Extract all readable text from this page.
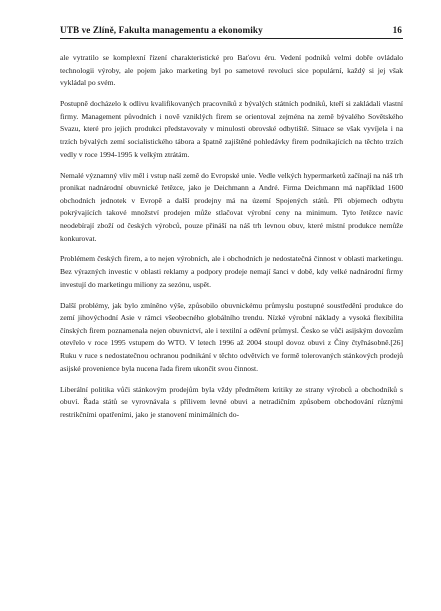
UTB ve Zlíně, Fakulta managementu a ekonomiky	16

ale vytratilo se komplexní řízení charakteristické pro Baťovu éru. Vedení podniků velmi dobře ovládalo technologii výroby, ale pojem jako marketing byl po sametové revoluci sice populární, každý si jej však vykládal po svém.

Postupně docházelo k odlivu kvalifikovaných pracovníků z bývalých státních podniků, kteří si zakládali vlastní firmy. Management původních i nově vzniklých firem se orientoval zejména na země bývalého Sovětského Svazu, které pro jejich produkci představovaly v minulosti obrovské odbytiště. Situace se však vyvíjela i na trzích bývalých zemí socialistického tábora a špatně zajištěné pohledávky firem podnikajících na těchto trzích vedly v roce 1994-1995 k velkým ztrátám.

Nemalé významný vliv měl i vstup naší země do Evropské unie. Vedle velkých hypermarketů začínají na náš trh pronikat nadnárodní obuvnické řetězce, jako je Deichmann a André. Firma Deichmann má například 1600 obchodních jednotek v Evropě a další prodejny má na území Spojených států. Při objemech odbytu pokrývajících takové množství prodejen může stlačovat výrobní ceny na minimum. Tyto řetězce navíc neodebírají zboží od českých výrobců, pouze přináší na náš trh levnou obuv, které místní produkce nemůže konkurovat.

Problémem českých firem, a to nejen výrobních, ale i obchodních je nedostatečná činnost v oblasti marketingu. Bez výrazných investic v oblasti reklamy a podpory prodeje nemají šanci v době, kdy velké nadnárodní firmy investují do marketingu miliony za sezónu, uspět.

Další problémy, jak bylo zmíněno výše, způsobilo obuvnickému průmyslu postupné soustředění produkce do zemí jihovýchodní Asie v rámci všeobecného globálního trendu. Nízké výrobní náklady a vysoká flexibilita čínských firem poznamenala nejen obuvnictví, ale i textilní a oděvní průmysl. Česko se vůči asijským dovozům otevřelo v roce 1995 vstupem do WTO. V letech 1996 až 2004 stoupl dovoz obuvi z Číny čtyřnásobně.[26] Ruku v ruce s nedostatečnou ochranou podnikání v těchto odvětvích ve formě tolerovaných stánkových prodejů asijské provenience byla nucena řada firem ukončit svou činnost.

Liberální politika vůči stánkovým prodejům byla vždy předmětem kritiky ze strany výrobců a obchodníků s obuví. Řada států se vyrovnávala s přílivem levné obuvi a netradičním způsobem obchodování různými restrikčními opatřeními, jako je stanovení minimálních do-
